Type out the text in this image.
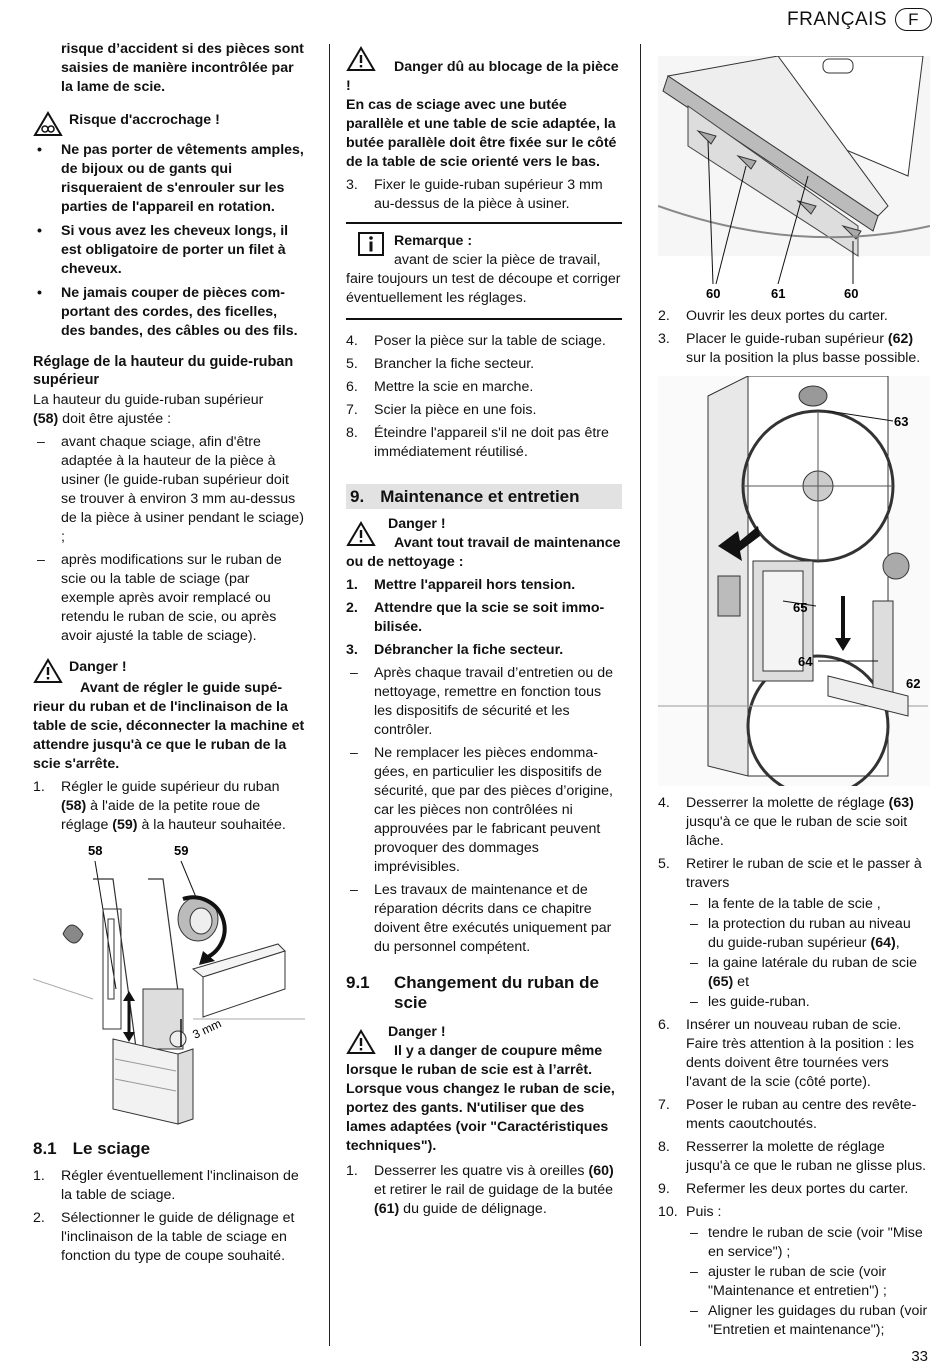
FRANÇAIS F

risque d’accident si des pièces sont saisies de manière incontrôlée par la lame de scie.

Risque d'accrochage !
• Ne pas porter de vêtements amples, de bijoux ou de gants qui risqueraient de s'enrouler sur les parties de l'appareil en rotation.
• Si vous avez les cheveux longs, il est obligatoire de porter un filet à cheveux.
• Ne jamais couper de pièces comportant des cordes, des ficelles, des bandes, des câbles ou des fils.
Réglage de la hauteur du guide-ruban supérieur

La hauteur du guide-ruban supérieur
(58) doit être ajustée :

– avant chaque sciage, afin d'être adaptée à la hauteur de la pièce à usiner (le guide-ruban supérieur doit se trouver à environ 3 mm au-dessus de la pièce à usiner pendant le sciage) ;
– après modifications sur le ruban de scie ou la table de sciage (par exemple après avoir remplacé ou retendu le ruban de scie, ou après avoir ajusté la table de sciage).
Danger !
Avant de régler le guide supérieur du ruban et de l'inclinaison de la table de scie, déconnecter la machine et attendre jusqu'à ce que le ruban de la scie s'arrête.
1. Régler le guide supérieur du ruban (58) à l'aide de la petite roue de réglage (59) à la hauteur souhaitée.
58	59
3 mm
8.1 Le sciage
1. Régler éventuellement l'inclinaison de la table de sciage.
2. Sélectionner le guide de délignage et l'inclinaison de la table de sciage en fonction du type de coupe souhaité.
Danger dû au blocage de la pièce !
En cas de sciage avec une butée parallèle et une table de scie adaptée, la butée parallèle doit être fixée sur le côté de la table de scie orienté vers le bas.
3. Fixer le guide-ruban supérieur 3 mm au-dessus de la pièce à usiner.
Remarque :
avant de scier la pièce de travail, faire toujours un test de découpe et corriger éventuellement les réglages.
4. Poser la pièce sur la table de sciage.
5. Brancher la fiche secteur.
6. Mettre la scie en marche.
7. Scier la pièce en une fois.
8. Éteindre l'appareil s'il ne doit pas être immédiatement réutilisé.
9. Maintenance et entretien
Danger !
Avant tout travail de maintenance ou de nettoyage :
1. Mettre l'appareil hors tension.
2. Attendre que la scie se soit immobilisée.
3. Débrancher la fiche secteur.
– Après chaque travail d’entretien ou de nettoyage, remettre en fonction tous les dispositifs de sécurité et les contrôler.
– Ne remplacer les pièces endommagées, en particulier les dispositifs de sécurité, que par des pièces d’origine, car les pièces non contrôlées ni approuvées par le fabricant peuvent provoquer des dommages imprévisibles.
– Les travaux de maintenance et de réparation décrits dans ce chapitre doivent être exécutés uniquement par du personnel compétent.
9.1	Changement du ruban de scie
Danger !
Il y a danger de coupure même lorsque le ruban de scie est à l’arrêt. Lorsque vous changez le ruban de scie, portez des gants. N'utiliser que des lames adaptées (voir "Caractéristiques techniques").
1. Desserrer les quatre vis à oreilles (60) et retirer le rail de guidage de la butée (61) du guide de délignage.
60	61	60
2. Ouvrir les deux portes du carter.
3. Placer le guide-ruban supérieur (62) sur la position la plus basse possible.
63
65
64
62
4. Desserrer la molette de réglage (63) jusqu'à ce que le ruban de scie soit lâche.
5. Retirer le ruban de scie et le passer à travers
– la fente de la table de scie ,
– la protection du ruban au niveau du guide-ruban supérieur (64),
– la gaine latérale du ruban de scie (65) et
– les guide-ruban.
6. Insérer un nouveau ruban de scie. Faire très attention à la position : les dents doivent être tournées vers l'avant de la scie (côté porte).
7. Poser le ruban au centre des revêtements caoutchoutés.
8. Resserrer la molette de réglage jusqu'à ce que le ruban ne glisse plus.
9. Refermer les deux portes du carter.
10. Puis :
– tendre le ruban de scie (voir "Mise en service") ;
– ajuster le ruban de scie (voir "Maintenance et entretien") ;
– Aligner les guidages du ruban (voir "Entretien et maintenance");
33
